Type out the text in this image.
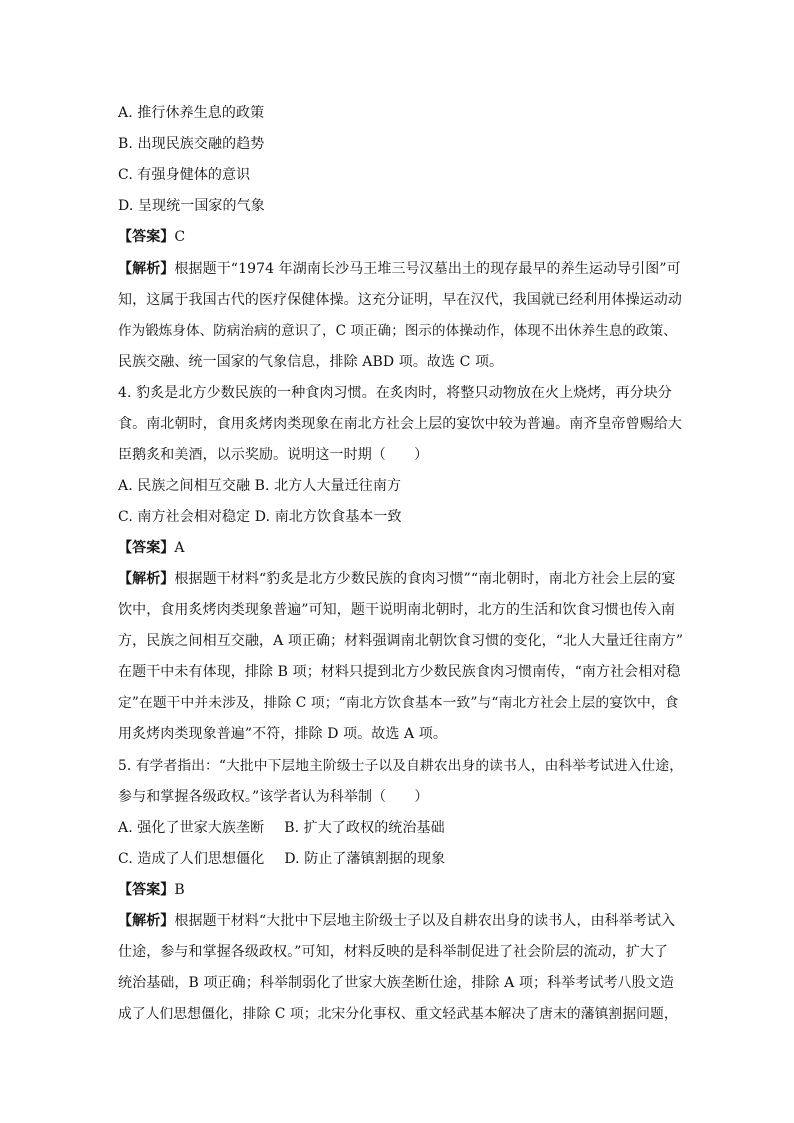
A. 推行休养生息的政策
B. 出现民族交融的趋势
C. 有强身健体的意识
D. 呈现统一国家的气象
【答案】C
【解析】根据题干“1974 年湖南长沙马王堆三号汉墓出土的现存最早的养生运动导引图”可
知，这属于我国古代的医疗保健体操。这充分证明，早在汉代，我国就已经利用体操运动动
作为锻炼身体、防病治病的意识了，C 项正确；图示的体操动作，体现不出休养生息的政策、
民族交融、统一国家的气象信息，排除 ABD 项。故选 C 项。
4. 豹炙是北方少数民族的一种食肉习惯。在炙肉时，将整只动物放在火上烧烤，再分块分
食。南北朝时，食用炙烤肉类现象在南北方社会上层的宴饮中较为普遍。南齐皇帝曾赐给大
臣鹅炙和美酒，以示奖励。说明这一时期（　　）
A. 民族之间相互交融 B. 北方人大量迁往南方
C. 南方社会相对稳定 D. 南北方饮食基本一致
【答案】A
【解析】根据题干材料“豹炙是北方少数民族的食肉习惯”“南北朝时，南北方社会上层的宴
饮中，食用炙烤肉类现象普遍”可知，题干说明南北朝时，北方的生活和饮食习惯也传入南
方，民族之间相互交融，A 项正确；材料强调南北朝饮食习惯的变化，“北人大量迁往南方”
在题干中未有体现，排除 B 项；材料只提到北方少数民族食肉习惯南传，“南方社会相对稳
定”在题干中并未涉及，排除 C 项；“南北方饮食基本一致”与“南北方社会上层的宴饮中，食
用炙烤肉类现象普遍”不符，排除 D 项。故选 A 项。
5. 有学者指出：“大批中下层地主阶级士子以及自耕农出身的读书人，由科举考试进入仕途，
参与和掌握各级政权。”该学者认为科举制（　　）
A. 强化了世家大族垄断 B. 扩大了政权的统治基础
C. 造成了人们思想僵化 D. 防止了藩镇割据的现象
【答案】B
【解析】根据题干材料“大批中下层地主阶级士子以及自耕农出身的读书人，由科举考试入
仕途，参与和掌握各级政权。”可知，材料反映的是科举制促进了社会阶层的流动，扩大了
统治基础，B 项正确；科举制弱化了世家大族垄断仕途，排除 A 项；科举考试考八股文造
成了人们思想僵化，排除 C 项；北宋分化事权、重文轻武基本解决了唐末的藩镇割据问题，
